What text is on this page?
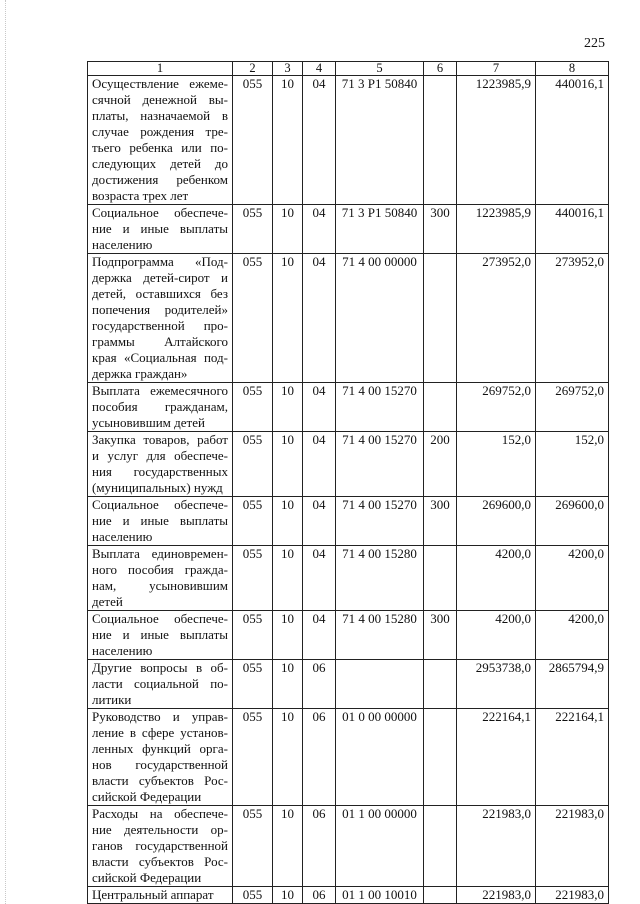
225
1	2	3	4	5	6	7	8
Осуществление ежеме-сячной денежной вы-платы, назначаемой в случае рождения тре-тьего ребенка или по-следующих детей до достижения ребенком возраста трех лет	055	10	04	71 3 Р1 50840		1223985,9	440016,1
Социальное обеспече-ние и иные выплаты населению	055	10	04	71 3 Р1 50840	300	1223985,9	440016,1
Подпрограмма «Под-держка детей-сирот и детей, оставшихся без попечения родителей» государственной про-граммы Алтайского края «Социальная под-держка граждан»	055	10	04	71 4 00 00000		273952,0	273952,0
Выплата ежемесячного пособия гражданам, усыновившим детей	055	10	04	71 4 00 15270		269752,0	269752,0
Закупка товаров, работ и услуг для обеспече-ния государственных (муниципальных) нужд	055	10	04	71 4 00 15270	200	152,0	152,0
Социальное обеспече-ние и иные выплаты населению	055	10	04	71 4 00 15270	300	269600,0	269600,0
Выплата единовремен-ного пособия гражда-нам, усыновившим детей	055	10	04	71 4 00 15280		4200,0	4200,0
Социальное обеспече-ние и иные выплаты населению	055	10	04	71 4 00 15280	300	4200,0	4200,0
Другие вопросы в об-ласти социальной по-литики	055	10	06			2953738,0	2865794,9
Руководство и управ-ление в сфере установ-ленных функций орга-нов государственной власти субъектов Рос-сийской Федерации	055	10	06	01 0 00 00000		222164,1	222164,1
Расходы на обеспече-ние деятельности ор-ганов государственной власти субъектов Рос-сийской Федерации	055	10	06	01 1 00 00000		221983,0	221983,0
Центральный аппарат	055	10	06	01 1 00 10010		221983,0	221983,0
